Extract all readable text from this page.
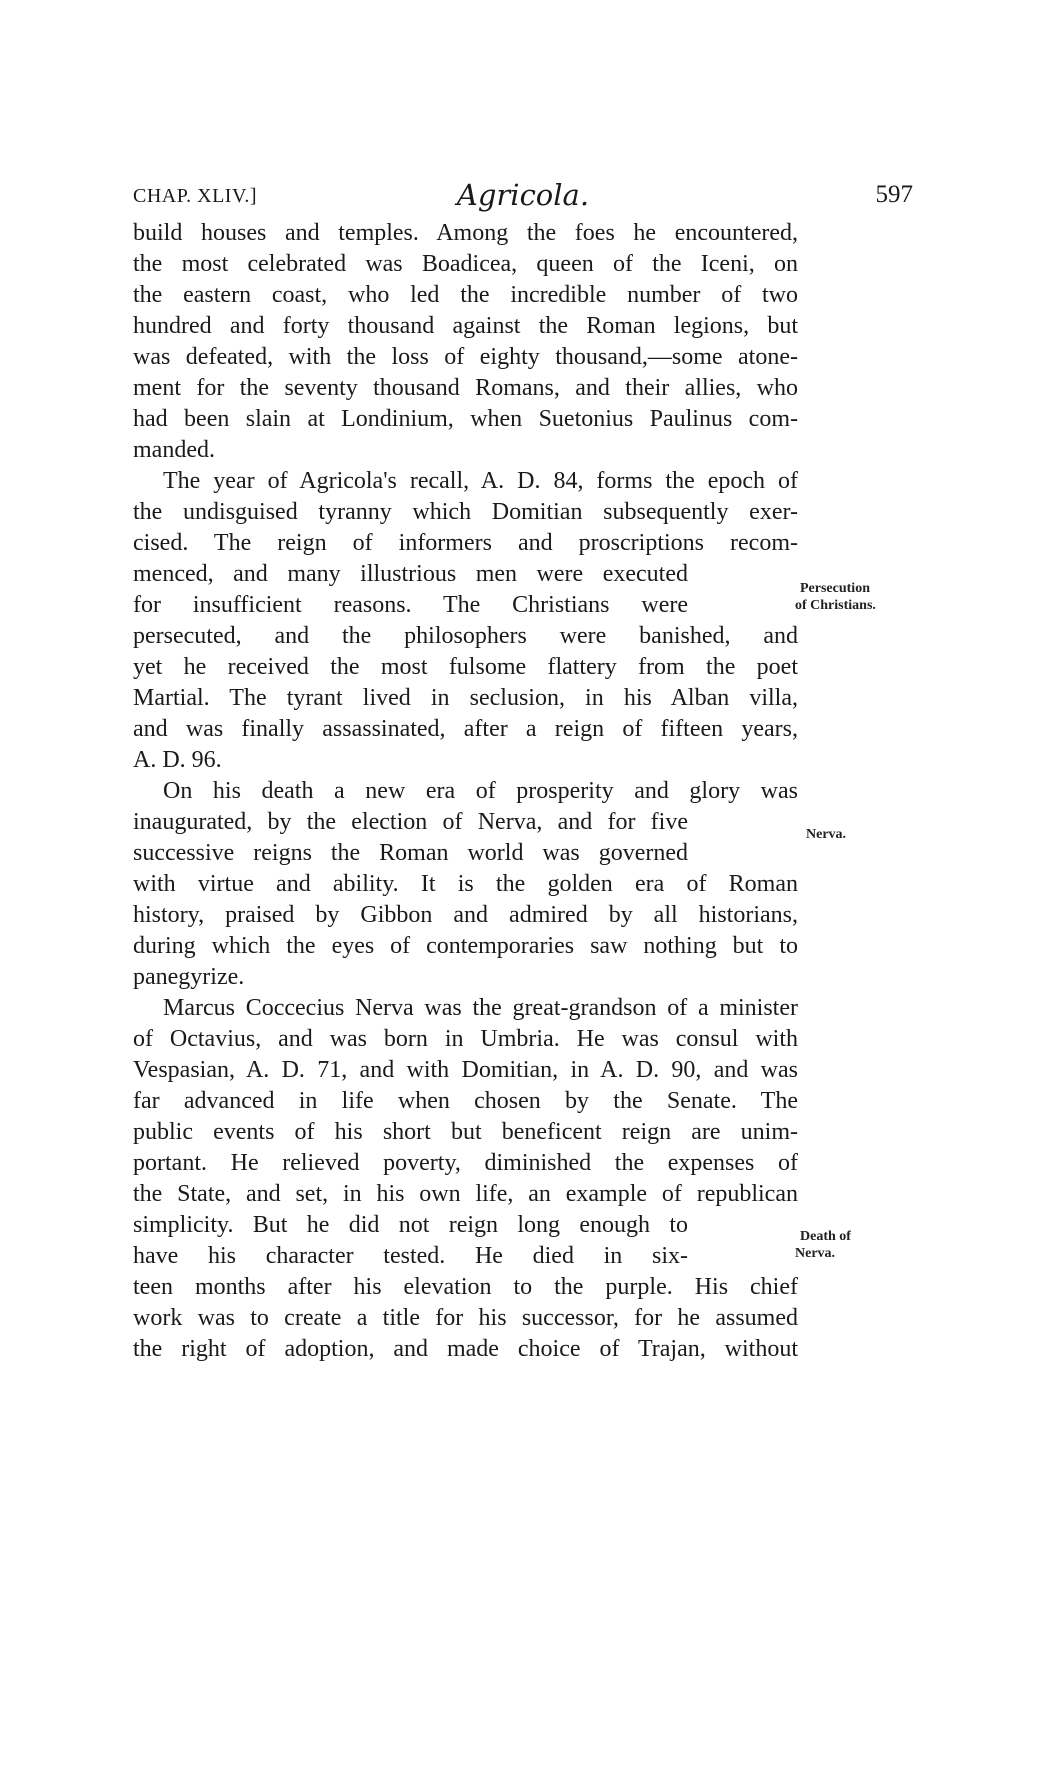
CHAP. XLIV.]	Agricola.	597
build houses and temples. Among the foes he encountered,
the most celebrated was Boadicea, queen of the Iceni, on
the eastern coast, who led the incredible number of two
hundred and forty thousand against the Roman legions, but
was defeated, with the loss of eighty thousand,—some atone-
ment for the seventy thousand Romans, and their allies, who
had been slain at Londinium, when Suetonius Paulinus com-
manded.
The year of Agricola's recall, A. D. 84, forms the epoch of
the undisguised tyranny which Domitian subsequently exer-
cised. The reign of informers and proscriptions recom-
menced, and many illustrious men were executed
for insufficient reasons. The Christians were
persecuted, and the philosophers were banished, and
yet he received the most fulsome flattery from the poet
Martial. The tyrant lived in seclusion, in his Alban villa,
and was finally assassinated, after a reign of fifteen years,
A. D. 96.
On his death a new era of prosperity and glory was
inaugurated, by the election of Nerva, and for five
successive reigns the Roman world was governed
with virtue and ability. It is the golden era of Roman
history, praised by Gibbon and admired by all historians,
during which the eyes of contemporaries saw nothing but to
panegyrize.
Marcus Coccecius Nerva was the great-grandson of a minister
of Octavius, and was born in Umbria. He was consul with
Vespasian, A. D. 71, and with Domitian, in A. D. 90, and was
far advanced in life when chosen by the Senate. The
public events of his short but beneficent reign are unim-
portant. He relieved poverty, diminished the expenses of
the State, and set, in his own life, an example of republican
simplicity. But he did not reign long enough to
have his character tested. He died in six-
teen months after his elevation to the purple. His chief
work was to create a title for his successor, for he assumed
the right of adoption, and made choice of Trajan, without
Persecution
of Christians.
Nerva.
Death of
Nerva.
